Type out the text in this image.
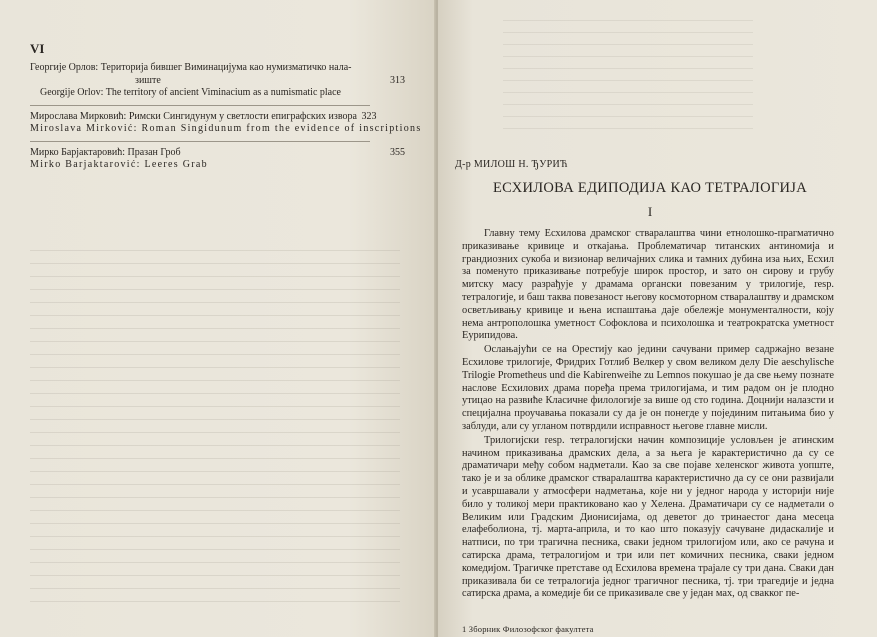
VI
Георгије Орлов: Територија бившег Виминацијума као нумизматичко нала-
зиште
Georgije Orlov: The territory of ancient Viminacium as a numismatic place
313
Мирослава Мирковић: Римски Сингидунум у светлости епиграфских извора 323
Miroslava Mirković: Roman Singidunum from the evidence of inscriptions
Мирко Барјактаровић: Празан Гроб	355
Mirko Barjaktarović: Leeres Grab	Д-р МИЛОШ Н. ЂУРИЋ
ЕСХИЛОВА ЕДИПОДИЈА КАО ТЕТРАЛОГИЈА
I

Главну тему Есхилова драмског стваралаштва чини етнолошко-прагматично приказивање кривице и откајања. Проблематичар титанских антиномија и грандиозних сукоба и визионар величајних слика и тамних дубина иза њих, Есхил за поменуто приказивање потребује широк простор, и зато он сирову и грубу митску масу разрађује у драмама органски повезаним у трилогије, resp. тетралогије, и баш таква повезаност његову космоторном стваралаштву и драмском осветљивању кривице и њена испаштања даје обележје монументалности, коју нема антрополошка уметност Софоклова и психолошка и театрократска уметност Еурипидова.

Ослањајући се на Орестију као једини сачувани пример садржајно везане Есхилове трилогије, Фридрих Готлиб Велкер у свом великом делу Die aeschylische Trilogie Prometheus und die Kabirenweihe zu Lemnos покушао је да све њему познате наслове Есхилових драма поређа према трилогијама, и тим радом он је плодно утицао на развиће Класичне филологије за више од сто година. Доцнији налазсти и специјална проучавања показали су да је он понегде у појединим питањима био у заблуди, али су угланом потврдили исправност његове главне мисли.

Трилогијски resp. тетралогијски начин композиције условљен је атинским начином приказивања драмских дела, а за њега је карактеристично да су се драматичари међу собом надметали. Као за све појаве хеленског живота уопште, тако је и за облике драмског стваралаштва карактеристично да су се они развијали и усавршавали у атмосфери надметања, које ни у једног народа у историји није било у толикој мери практиковано као у Хелена. Драматичари су се надметали о Великим или Градским Дионисијама, од деветог до тринаестог дана месеца елафеболиона, тј. марта-априла, и то као што показују сачуване дидаскалије и натписи, по три трагична песника, сваки једном трилогијом или, ако се рачуна и сатирска драма, тетралогијом и три или пет комичних песника, сваки једном комедијом. Трагичке претставе од Есхилова времена трајале су три дана. Сваки дан приказивала би се тетралогија једног трагичног песника, тј. три трагедије и једна сатирска драма, а комедије би се приказивале све у један мах, од свакког пе-

1 Зборник Филозофског факултета
